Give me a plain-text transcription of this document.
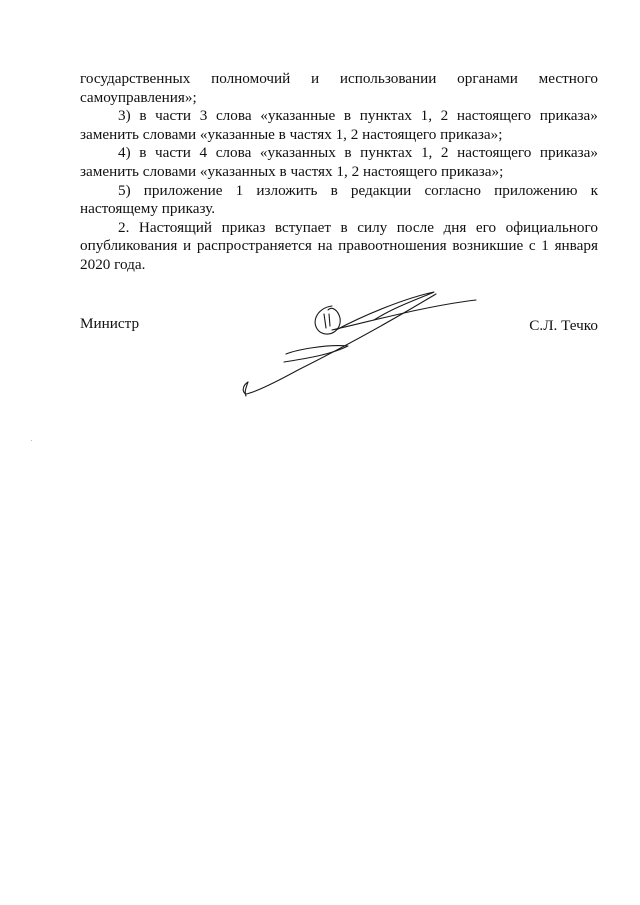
государственных полномочий и использовании органами местного
самоуправления»;
3) в части 3 слова «указанные в пунктах 1, 2 настоящего приказа»
заменить словами «указанные в частях 1, 2 настоящего приказа»;
4) в части 4 слова «указанных в пунктах 1, 2 настоящего приказа»
заменить словами «указанных в частях 1, 2 настоящего приказа»;
5) приложение 1 изложить в редакции согласно приложению к
настоящему приказу.
2. Настоящий приказ вступает в силу после дня его официального
опубликования и распространяется на правоотношения возникшие с 1 января
2020 года.
Министр	С.Л. Течко
